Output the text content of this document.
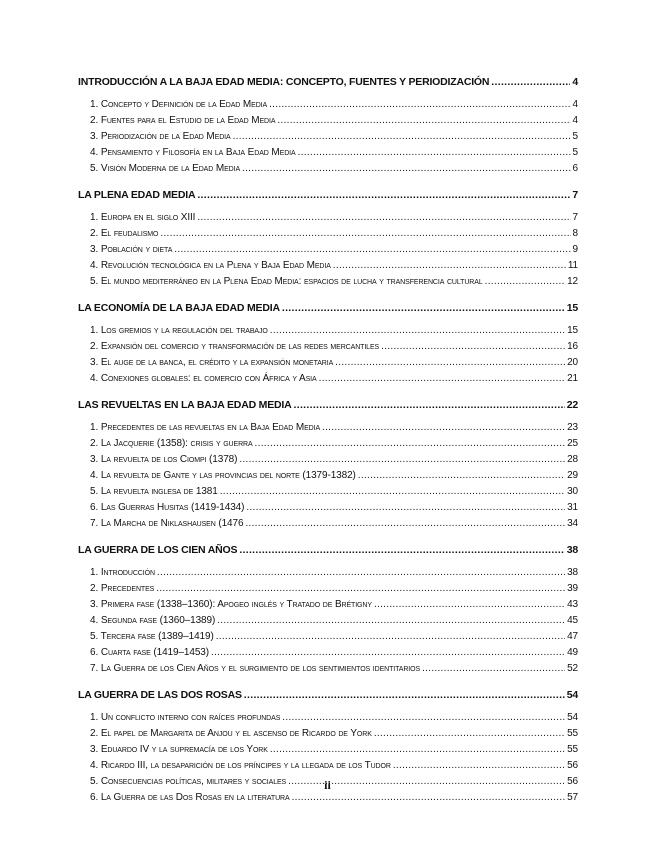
INTRODUCCIÓN A LA BAJA EDAD MEDIA: CONCEPTO, FUENTES Y PERIODIZACIÓN .....	4
1. Concepto y Definición de la Edad Media .....	4
2. Fuentes para el Estudio de la Edad Media .....	4
3. Periodización de la Edad Media .....	5
4. Pensamiento y Filosofía en la Baja Edad Media .....	5
5. Visión Moderna de la Edad Media .....	6
LA PLENA EDAD MEDIA .....	7
1. Europa en el siglo XIII .....	7
2. El feudalismo .....	8
3. Población y dieta .....	9
4. Revolución tecnológica en la Plena y Baja Edad Media .....	11
5. El mundo mediterráneo en la Plena Edad Media: espacios de lucha y transferencia cultural .....	12
LA ECONOMÍA DE LA BAJA EDAD MEDIA .....	15
1. Los gremios y la regulación del trabajo .....	15
2. Expansión del comercio y transformación de las redes mercantiles .....	16
3. El auge de la banca, el crédito y la expansión monetaria .....	20
4. Conexiones globales: el comercio con África y Asia .....	21
LAS REVUELTAS EN LA BAJA EDAD MEDIA .....	22
1. Precedentes de las revueltas en la Baja Edad Media .....	23
2. La Jacquerie (1358): crisis y guerra .....	25
3. La revuelta de los Ciompi (1378) .....	28
4. La revuelta de Gante y las provincias del norte (1379-1382) .....	29
5. La revuelta inglesa de 1381 .....	30
6. Las Guerras Husitas (1419-1434) .....	31
7. La Marcha de Niklashausen (1476 .....	34
LA GUERRA DE LOS CIEN AÑOS .....	38
1. Introducción .....	38
2. Precedentes .....	39
3. Primera fase (1338–1360): Apogeo inglés y Tratado de Brétigny .....	43
4. Segunda fase (1360–1389) .....	45
5. Tercera fase (1389–1419) .....	47
6. Cuarta fase (1419–1453) .....	49
7. La Guerra de los Cien Años y el surgimiento de los sentimientos identitarios .....	52
LA GUERRA DE LAS DOS ROSAS .....	54
1. Un conflicto interno con raíces profundas .....	54
2. El papel de Margarita de Anjou y el ascenso de Ricardo de York .....	55
3. Eduardo IV y la supremacía de los York .....	55
4. Ricardo III, la desaparición de los príncipes y la llegada de los Tudor .....	56
5. Consecuencias políticas, militares y sociales .....	56
6. La Guerra de las Dos Rosas en la literatura .....	57
ii
